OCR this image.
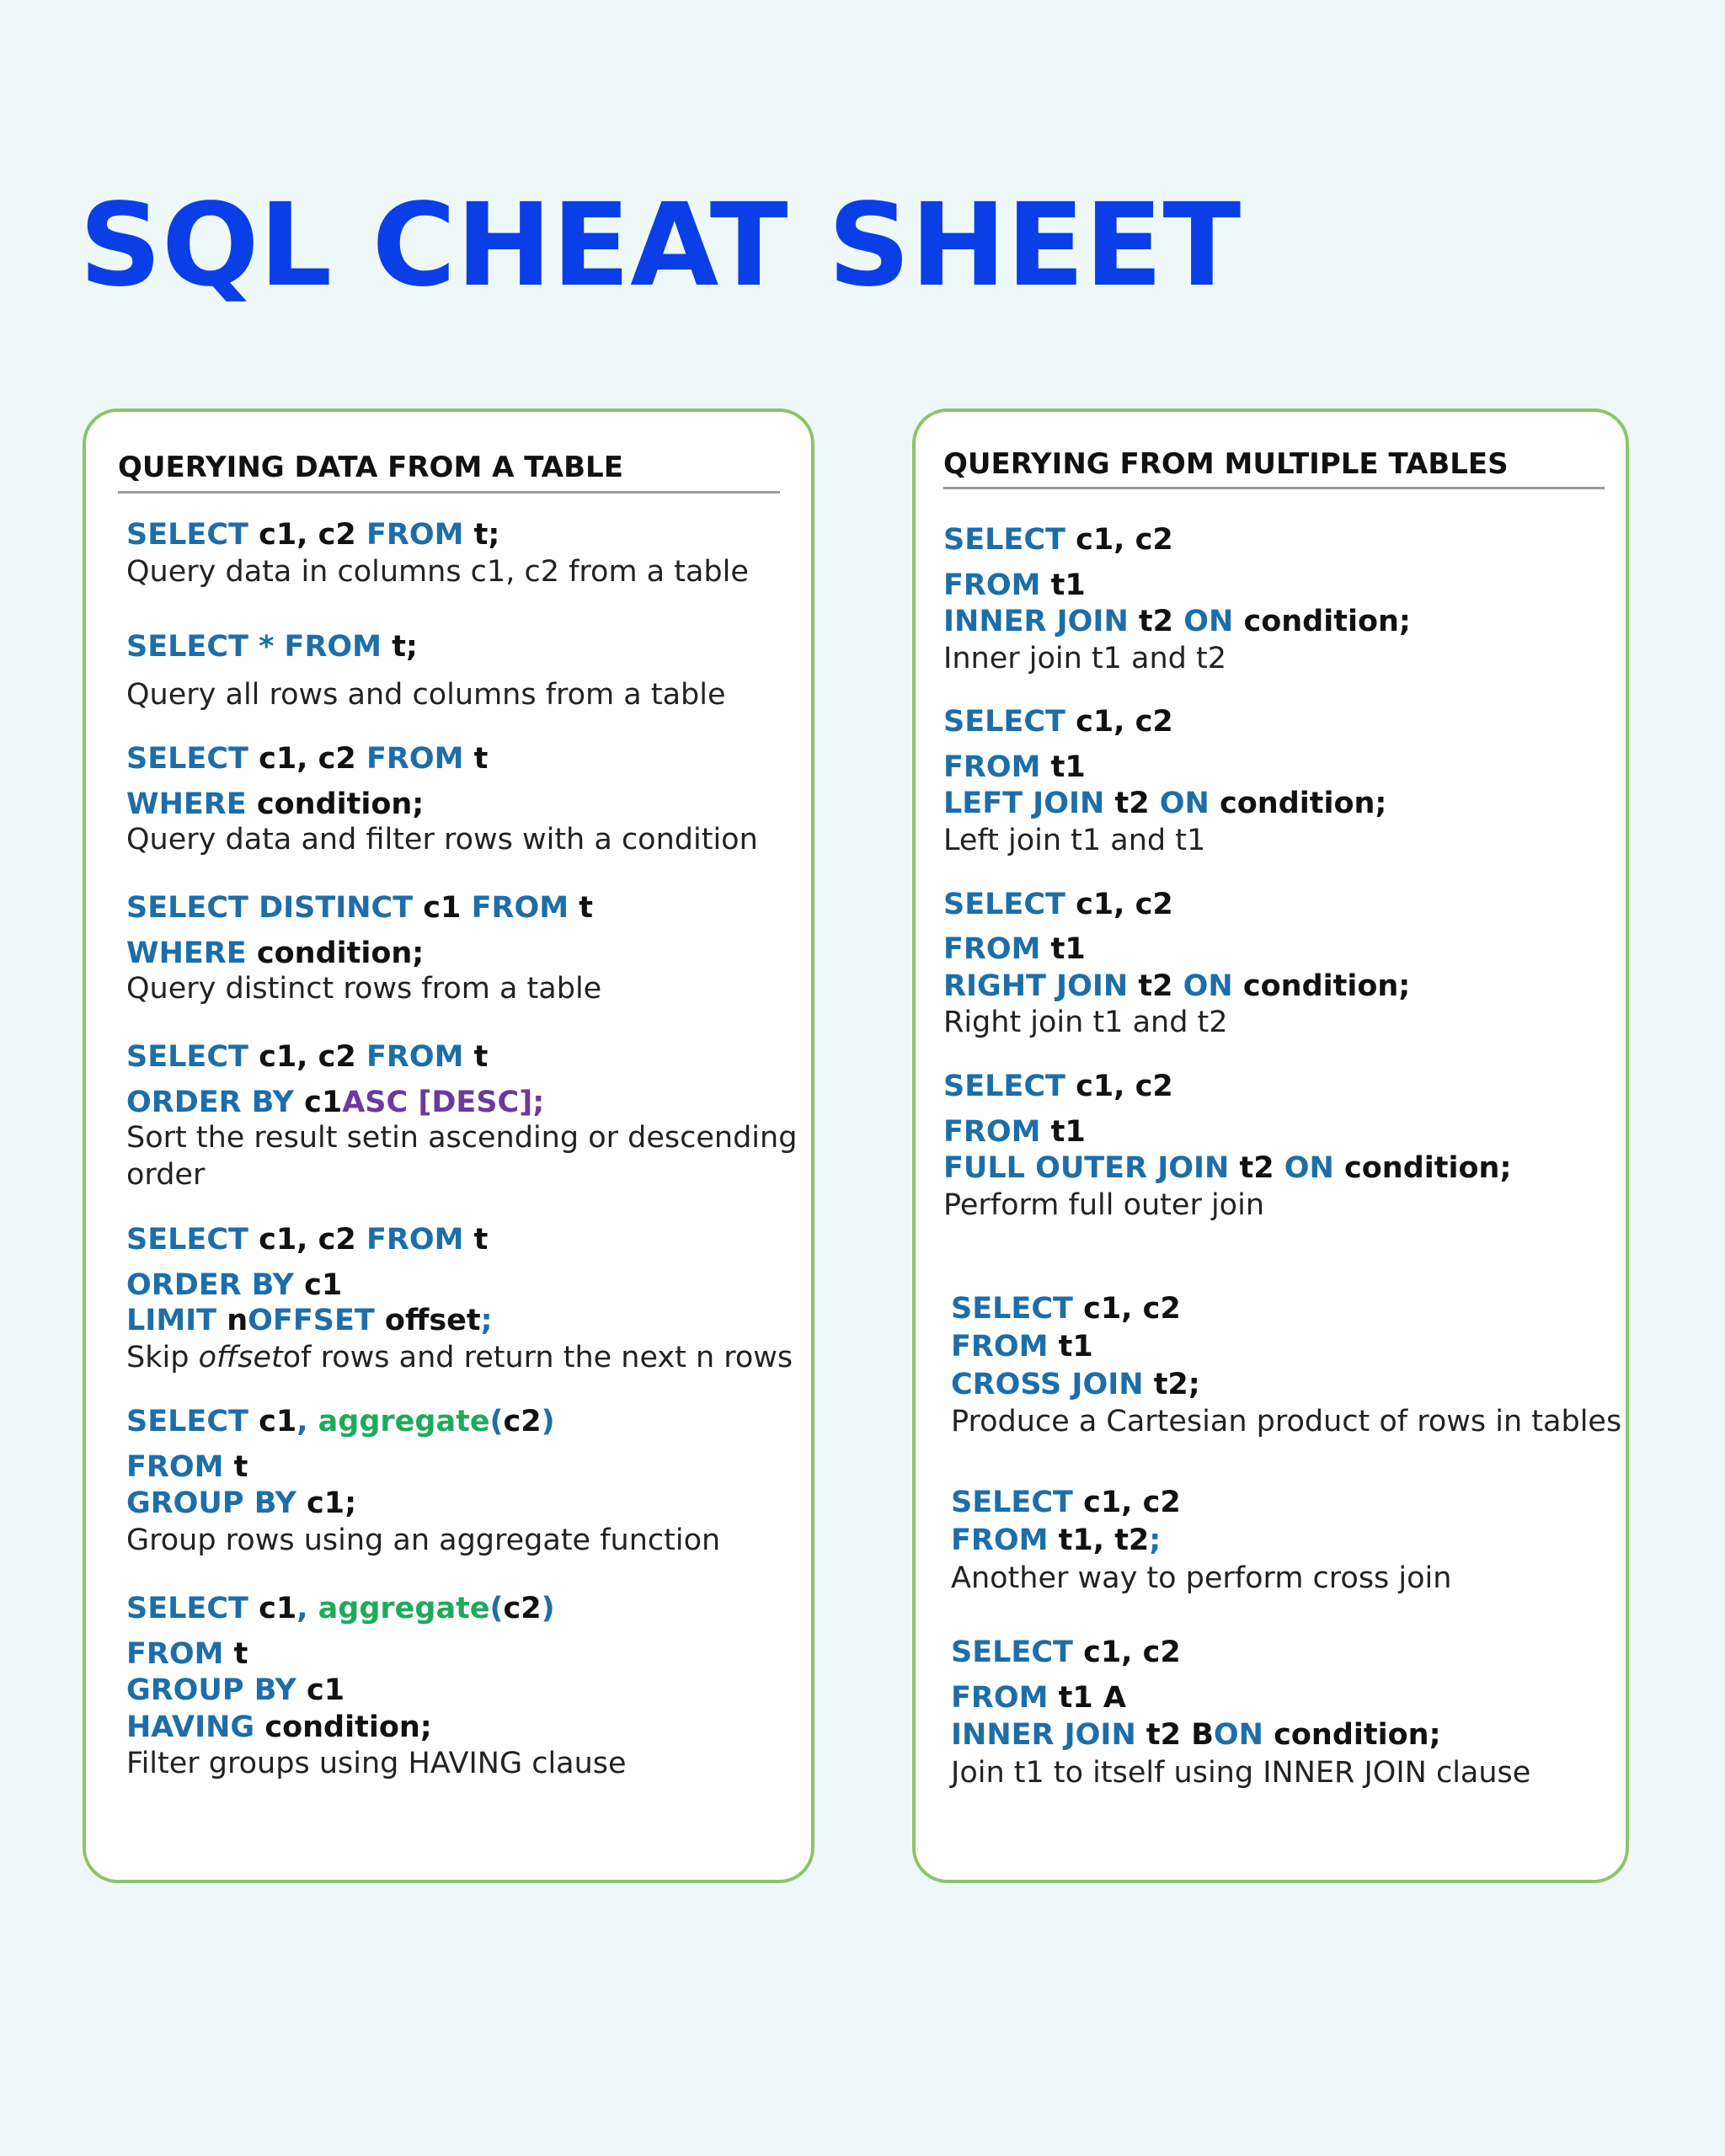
SQL CHEAT SHEET
QUERYING DATA FROM A TABLE
SELECT c1, c2 FROM t;
Query data in columns c1, c2 from a table
SELECT * FROM t;
Query all rows and columns from a table
SELECT c1, c2 FROM t
WHERE condition;
Query data and filter rows with a condition
SELECT DISTINCT c1 FROM t
WHERE condition;
Query distinct rows from a table
SELECT c1, c2 FROM t
ORDER BY c1ASC [DESC];
Sort the result setin ascending or descending
order
SELECT c1, c2 FROM t
ORDER BY c1
LIMIT nOFFSET offset;
Skip offsetof rows and return the next n rows
SELECT c1, aggregate(c2)
FROM t
GROUP BY c1;
Group rows using an aggregate function
SELECT c1, aggregate(c2)
FROM t
GROUP BY c1
HAVING condition;
Filter groups using HAVING clause
QUERYING FROM MULTIPLE TABLES
SELECT c1, c2
FROM t1
INNER JOIN t2 ON condition;
Inner join t1 and t2
SELECT c1, c2
FROM t1
LEFT JOIN t2 ON condition;
Left join t1 and t1
SELECT c1, c2
FROM t1
RIGHT JOIN t2 ON condition;
Right join t1 and t2
SELECT c1, c2
FROM t1
FULL OUTER JOIN t2 ON condition;
Perform full outer join
SELECT c1, c2
FROM t1
CROSS JOIN t2;
Produce a Cartesian product of rows in tables
SELECT c1, c2
FROM t1, t2;
Another way to perform cross join
SELECT c1, c2
FROM t1 A
INNER JOIN t2 BON condition;
Join t1 to itself using INNER JOIN clause
